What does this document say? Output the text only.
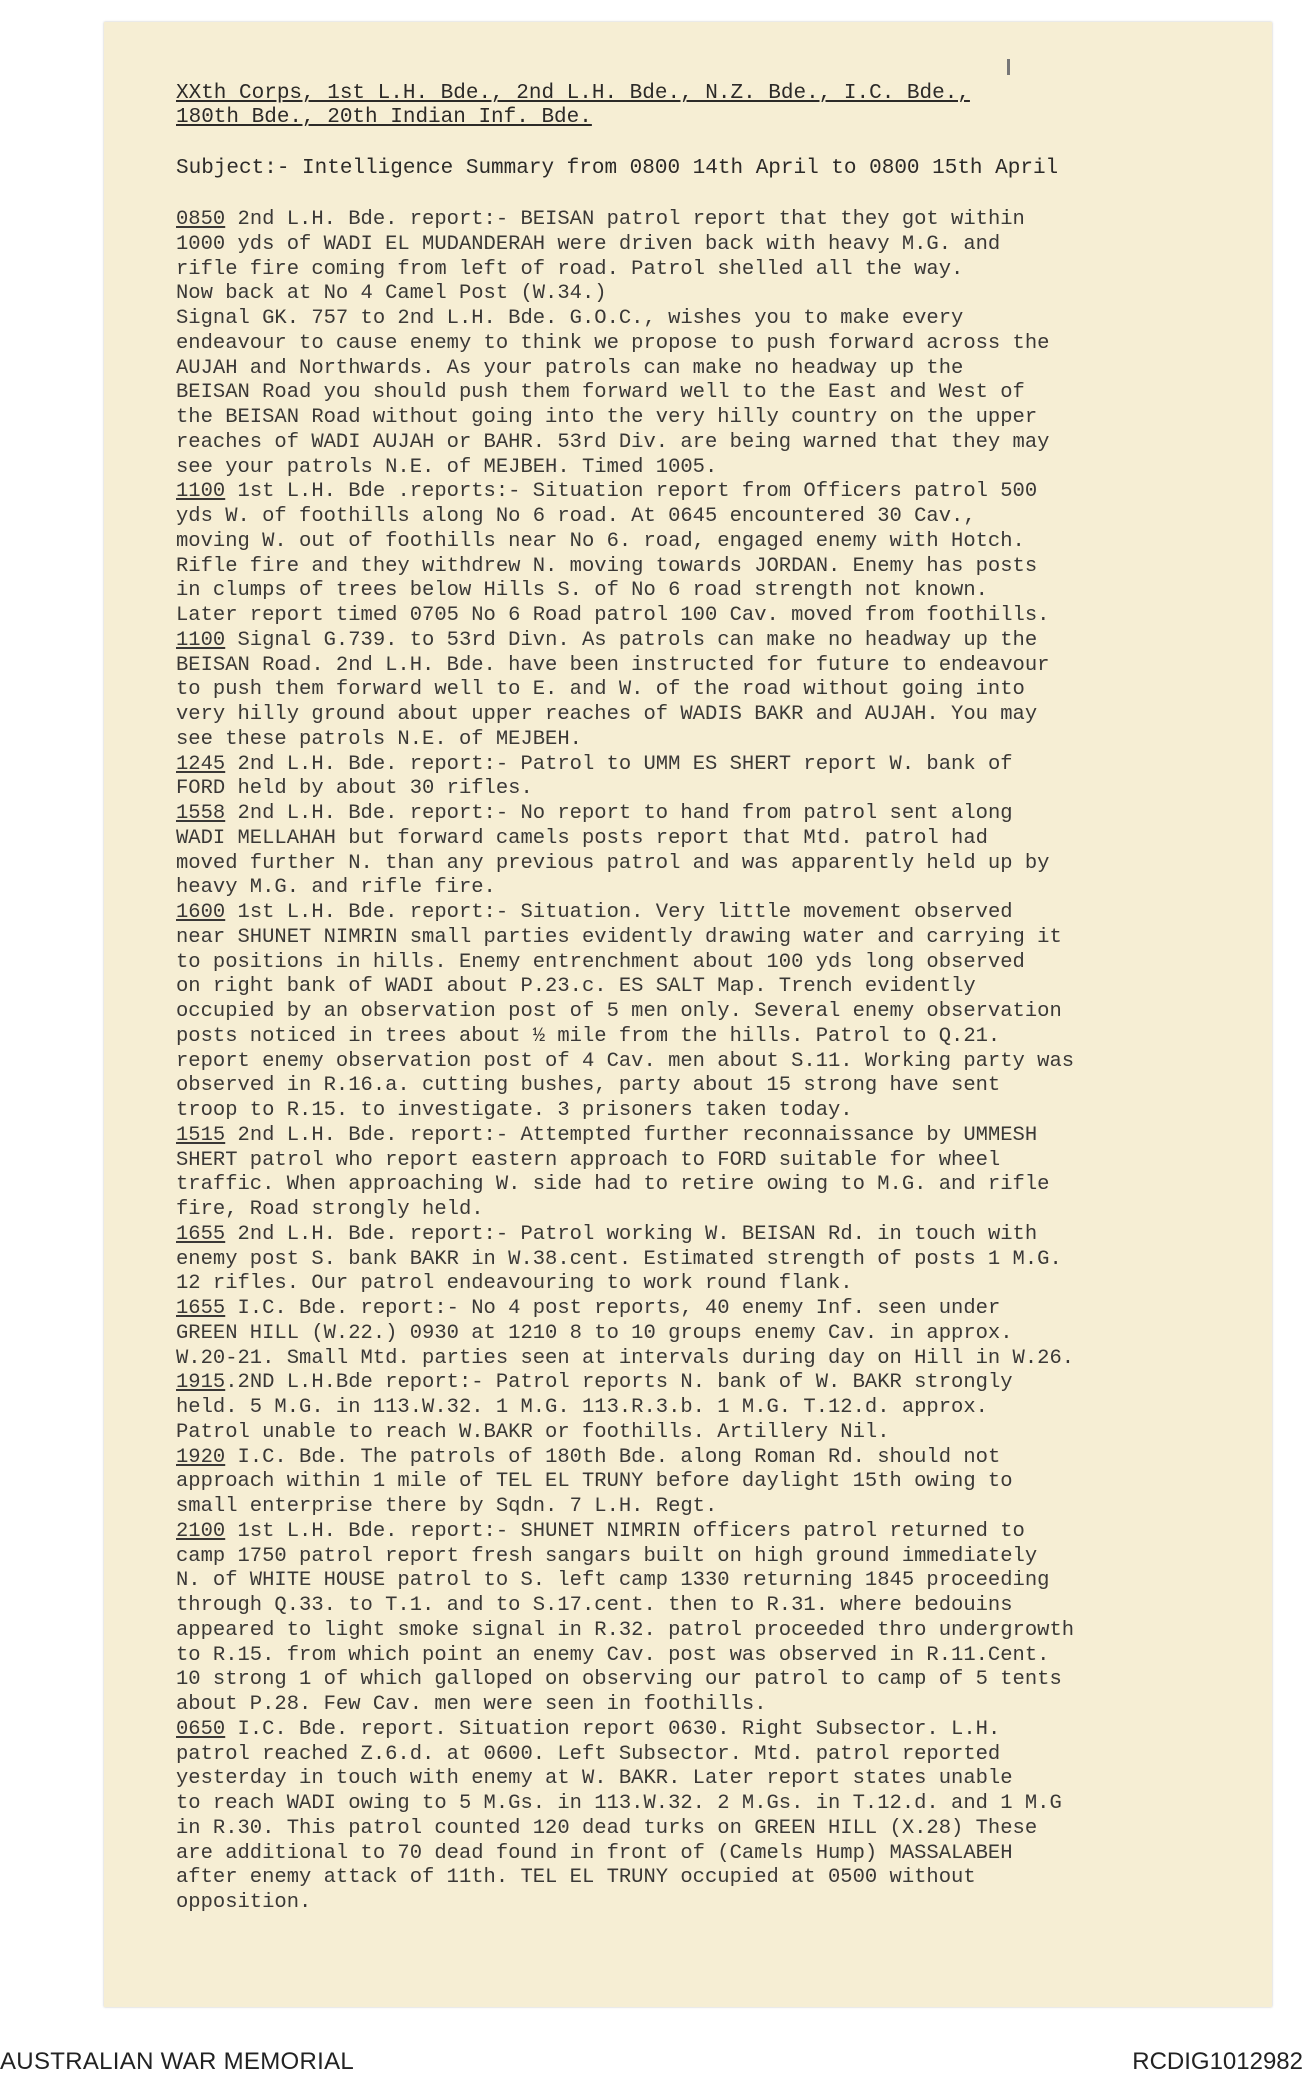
XXth Corps, 1st L.H. Bde., 2nd L.H. Bde., N.Z. Bde., I.C. Bde.,
180th Bde., 20th Indian Inf. Bde.
Subject:- Intelligence Summary from 0800 14th April to 0800 15th April
0850 2nd L.H. Bde. report:- BEISAN patrol report that they got within
1000 yds of WADI EL MUDANDERAH were driven back with heavy M.G. and
rifle fire coming from left of road. Patrol shelled all the way.
Now back at No 4 Camel Post (W.34.)
Signal GK. 757 to 2nd L.H. Bde. G.O.C., wishes you to make every
endeavour to cause enemy to think we propose to push forward across the
AUJAH and Northwards. As your patrols can make no headway up the
BEISAN Road you should push them forward well to the East and West of
the BEISAN Road without going into the very hilly country on the upper
reaches of WADI AUJAH or BAHR. 53rd Div. are being warned that they may
see your patrols N.E. of MEJBEH. Timed 1005.
1100 1st L.H. Bde .reports:- Situation report from Officers patrol 500
yds W. of foothills along No 6 road. At 0645 encountered 30 Cav.,
moving W. out of foothills near No 6. road, engaged enemy with Hotch.
Rifle fire and they withdrew N. moving towards JORDAN. Enemy has posts
in clumps of trees below Hills S. of No 6 road strength not known.
Later report timed 0705 No 6 Road patrol 100 Cav. moved from foothills.
1100 Signal G.739. to 53rd Divn. As patrols can make no headway up the
BEISAN Road. 2nd L.H. Bde. have been instructed for future to endeavour
to push them forward well to E. and W. of the road without going into
very hilly ground about upper reaches of WADIS BAKR and AUJAH. You may
see these patrols N.E. of MEJBEH.
1245 2nd L.H. Bde. report:- Patrol to UMM ES SHERT report W. bank of
FORD held by about 30 rifles.
1558 2nd L.H. Bde. report:- No report to hand from patrol sent along
WADI MELLAHAH but forward camels posts report that Mtd. patrol had
moved further N. than any previous patrol and was apparently held up by
heavy M.G. and rifle fire.
1600 1st L.H. Bde. report:- Situation. Very little movement observed
near SHUNET NIMRIN small parties evidently drawing water and carrying it
to positions in hills. Enemy entrenchment about 100 yds long observed
on right bank of WADI about P.23.c. ES SALT Map. Trench evidently
occupied by an observation post of 5 men only. Several enemy observation
posts noticed in trees about ½ mile from the hills. Patrol to Q.21.
report enemy observation post of 4 Cav. men about S.11. Working party was
observed in R.16.a. cutting bushes, party about 15 strong have sent
troop to R.15. to investigate. 3 prisoners taken today.
1515 2nd L.H. Bde. report:- Attempted further reconnaissance by UMMESH
SHERT patrol who report eastern approach to FORD suitable for wheel
traffic. When approaching W. side had to retire owing to M.G. and rifle
fire, Road strongly held.
1655 2nd L.H. Bde. report:- Patrol working W. BEISAN Rd. in touch with
enemy post S. bank BAKR in W.38.cent. Estimated strength of posts 1 M.G.
12 rifles. Our patrol endeavouring to work round flank.
1655 I.C. Bde. report:- No 4 post reports, 40 enemy Inf. seen under
GREEN HILL (W.22.) 0930 at 1210 8 to 10 groups enemy Cav. in approx.
W.20-21. Small Mtd. parties seen at intervals during day on Hill in W.26.
1915.2ND L.H.Bde report:- Patrol reports N. bank of W. BAKR strongly
held. 5 M.G. in 113.W.32. 1 M.G. 113.R.3.b. 1 M.G. T.12.d. approx.
Patrol unable to reach W.BAKR or foothills. Artillery Nil.
1920 I.C. Bde. The patrols of 180th Bde. along Roman Rd. should not
approach within 1 mile of TEL EL TRUNY before daylight 15th owing to
small enterprise there by Sqdn. 7 L.H. Regt.
2100 1st L.H. Bde. report:- SHUNET NIMRIN officers patrol returned to
camp 1750 patrol report fresh sangars built on high ground immediately
N. of WHITE HOUSE patrol to S. left camp 1330 returning 1845 proceeding
through Q.33. to T.1. and to S.17.cent. then to R.31. where bedouins
appeared to light smoke signal in R.32. patrol proceeded thro undergrowth
to R.15. from which point an enemy Cav. post was observed in R.11.Cent.
10 strong 1 of which galloped on observing our patrol to camp of 5 tents
about P.28. Few Cav. men were seen in foothills.
0650 I.C. Bde. report. Situation report 0630. Right Subsector. L.H.
patrol reached Z.6.d. at 0600. Left Subsector. Mtd. patrol reported
yesterday in touch with enemy at W. BAKR. Later report states unable
to reach WADI owing to 5 M.Gs. in 113.W.32. 2 M.Gs. in T.12.d. and 1 M.G
in R.30. This patrol counted 120 dead turks on GREEN HILL (X.28) These
are additional to 70 dead found in front of (Camels Hump) MASSALABEH
after enemy attack of 11th. TEL EL TRUNY occupied at 0500 without
opposition.
AUSTRALIAN WAR MEMORIAL	RCDIG1012982
